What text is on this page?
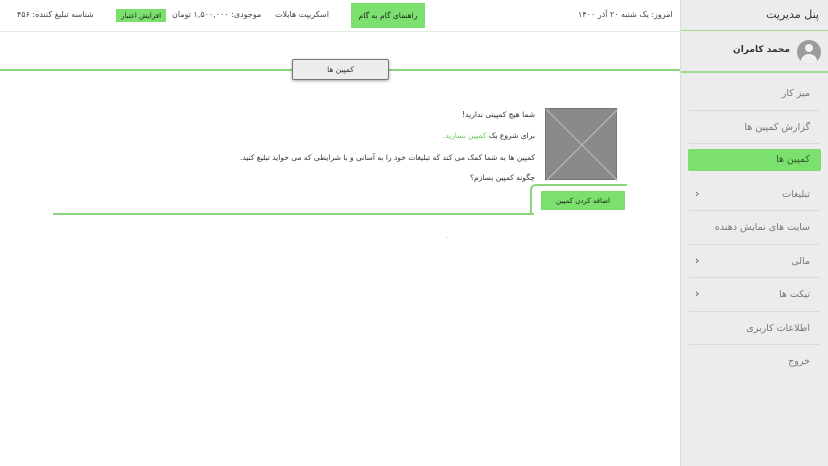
پنل مدیریت
محمد کامران
میز کار
گزارش کمپین ها
کمپین ها
تبلیغات
›
سایت های نمایش دهنده
مالی
›
تیکت ها
›
اطلاعات کاربری
خروج
امروز: یک شنبه ۲۰ آذر ۱۴۰۰
راهنمای گام به گام
اسکریپت هابلات
موجودی: ۱,۵۰۰,۰۰۰ تومان
افزایش اعتبار
شناسه تبلیغ کننده: ۴۵۶
کمپین ها
شما هیچ کمپینی ندارید!
برای شروع یک کمپین بسازید.
کمپین ها به شما کمک می کند که تبلیغات خود را به آسانی و با شرایطی که می خواید تبلیغ کنید.
چگونه کمپین بسازم؟
اضافه کردن کمپین
